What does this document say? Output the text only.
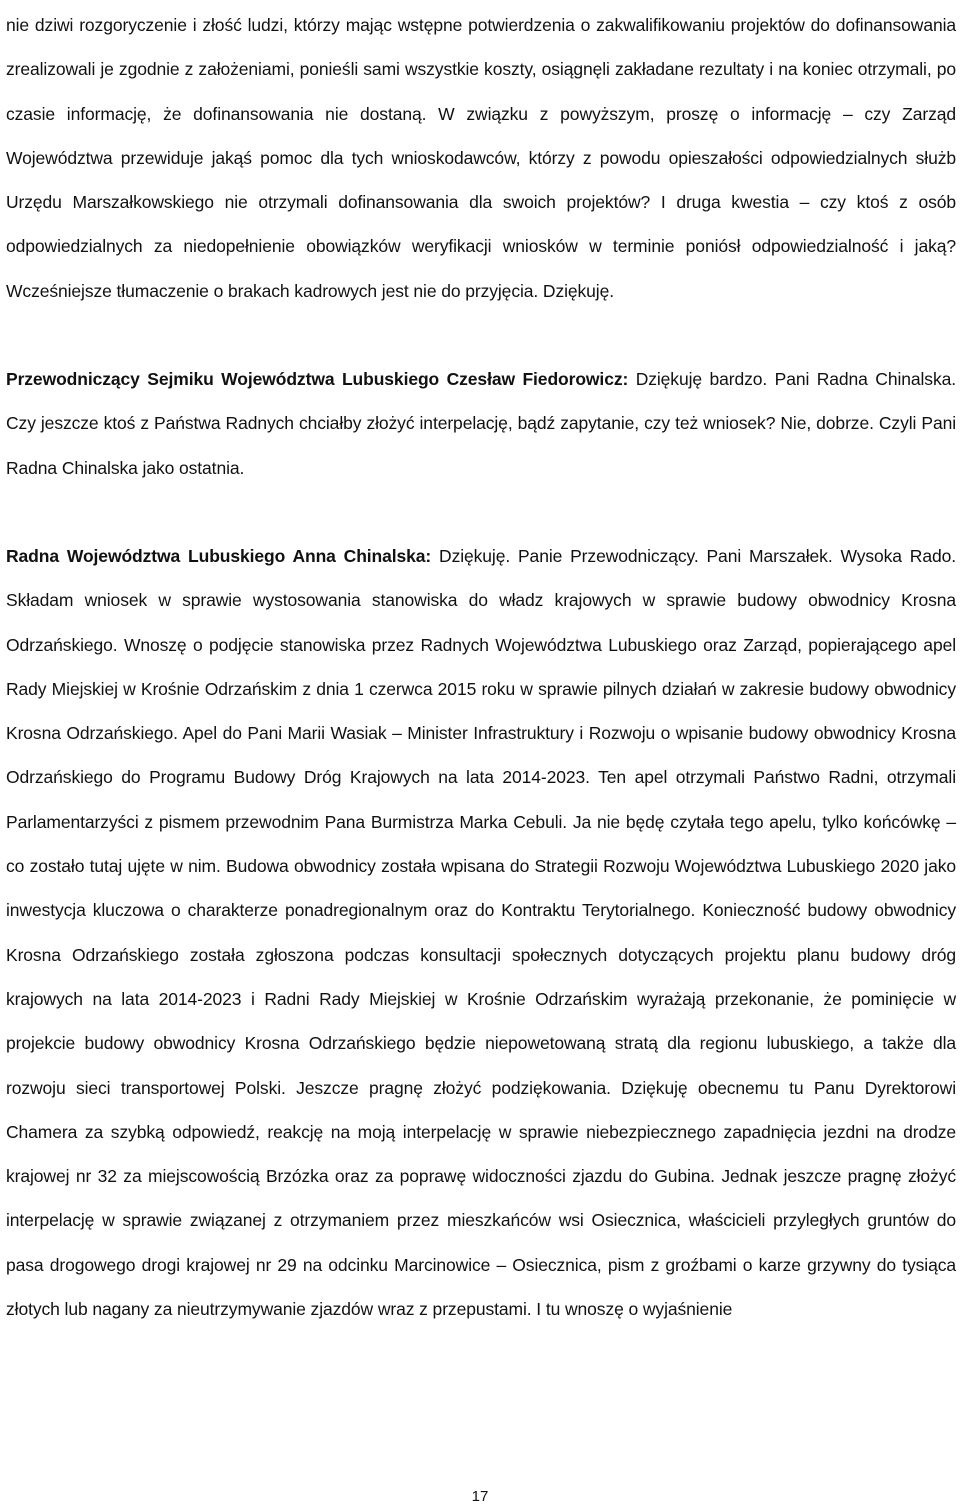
nie dziwi rozgoryczenie i złość ludzi, którzy mając wstępne potwierdzenia o zakwalifikowaniu projektów do dofinansowania zrealizowali je zgodnie z założeniami, ponieśli sami wszystkie koszty, osiągnęli zakładane rezultaty i na koniec otrzymali, po czasie informację, że dofinansowania nie dostaną. W związku z powyższym, proszę o informację – czy Zarząd Województwa przewiduje jakąś pomoc dla tych wnioskodawców, którzy z powodu opieszałości odpowiedzialnych służb Urzędu Marszałkowskiego nie otrzymali dofinansowania dla swoich projektów? I druga kwestia – czy ktoś z osób odpowiedzialnych za niedopełnienie obowiązków weryfikacji wniosków w terminie poniósł odpowiedzialność i jaką? Wcześniejsze tłumaczenie o brakach kadrowych jest nie do przyjęcia. Dziękuję.

Przewodniczący Sejmiku Województwa Lubuskiego Czesław Fiedorowicz: Dziękuję bardzo. Pani Radna Chinalska. Czy jeszcze ktoś z Państwa Radnych chciałby złożyć interpelację, bądź zapytanie, czy też wniosek? Nie, dobrze. Czyli Pani Radna Chinalska jako ostatnia.

Radna Województwa Lubuskiego Anna Chinalska: Dziękuję. Panie Przewodniczący. Pani Marszałek. Wysoka Rado. Składam wniosek w sprawie wystosowania stanowiska do władz krajowych w sprawie budowy obwodnicy Krosna Odrzańskiego. Wnoszę o podjęcie stanowiska przez Radnych Województwa Lubuskiego oraz Zarząd, popierającego apel Rady Miejskiej w Krośnie Odrzańskim z dnia 1 czerwca 2015 roku w sprawie pilnych działań w zakresie budowy obwodnicy Krosna Odrzańskiego. Apel do Pani Marii Wasiak – Minister Infrastruktury i Rozwoju o wpisanie budowy obwodnicy Krosna Odrzańskiego do Programu Budowy Dróg Krajowych na lata 2014-2023. Ten apel otrzymali Państwo Radni, otrzymali Parlamentarzyści z pismem przewodnim Pana Burmistrza Marka Cebuli. Ja nie będę czytała tego apelu, tylko końcówkę – co zostało tutaj ujęte w nim. Budowa obwodnicy została wpisana do Strategii Rozwoju Województwa Lubuskiego 2020 jako inwestycja kluczowa o charakterze ponadregionalnym oraz do Kontraktu Terytorialnego. Konieczność budowy obwodnicy Krosna Odrzańskiego została zgłoszona podczas konsultacji społecznych dotyczących projektu planu budowy dróg krajowych na lata 2014-2023 i Radni Rady Miejskiej w Krośnie Odrzańskim wyrażają przekonanie, że pominięcie w projekcie budowy obwodnicy Krosna Odrzańskiego będzie niepowetowaną stratą dla regionu lubuskiego, a także dla rozwoju sieci transportowej Polski. Jeszcze pragnę złożyć podziękowania. Dziękuję obecnemu tu Panu Dyrektorowi Chamera za szybką odpowiedź, reakcję na moją interpelację w sprawie niebezpiecznego zapadnięcia jezdni na drodze krajowej nr 32 za miejscowością Brzózka oraz za poprawę widoczności zjazdu do Gubina. Jednak jeszcze pragnę złożyć interpelację w sprawie związanej z otrzymaniem przez mieszkańców wsi Osiecznica, właścicieli przyległych gruntów do pasa drogowego drogi krajowej nr 29 na odcinku Marcinowice – Osiecznica, pism z groźbami o karze grzywny do tysiąca złotych lub nagany za nieutrzymywanie zjazdów wraz z przepustami. I tu wnoszę o wyjaśnienie

17
